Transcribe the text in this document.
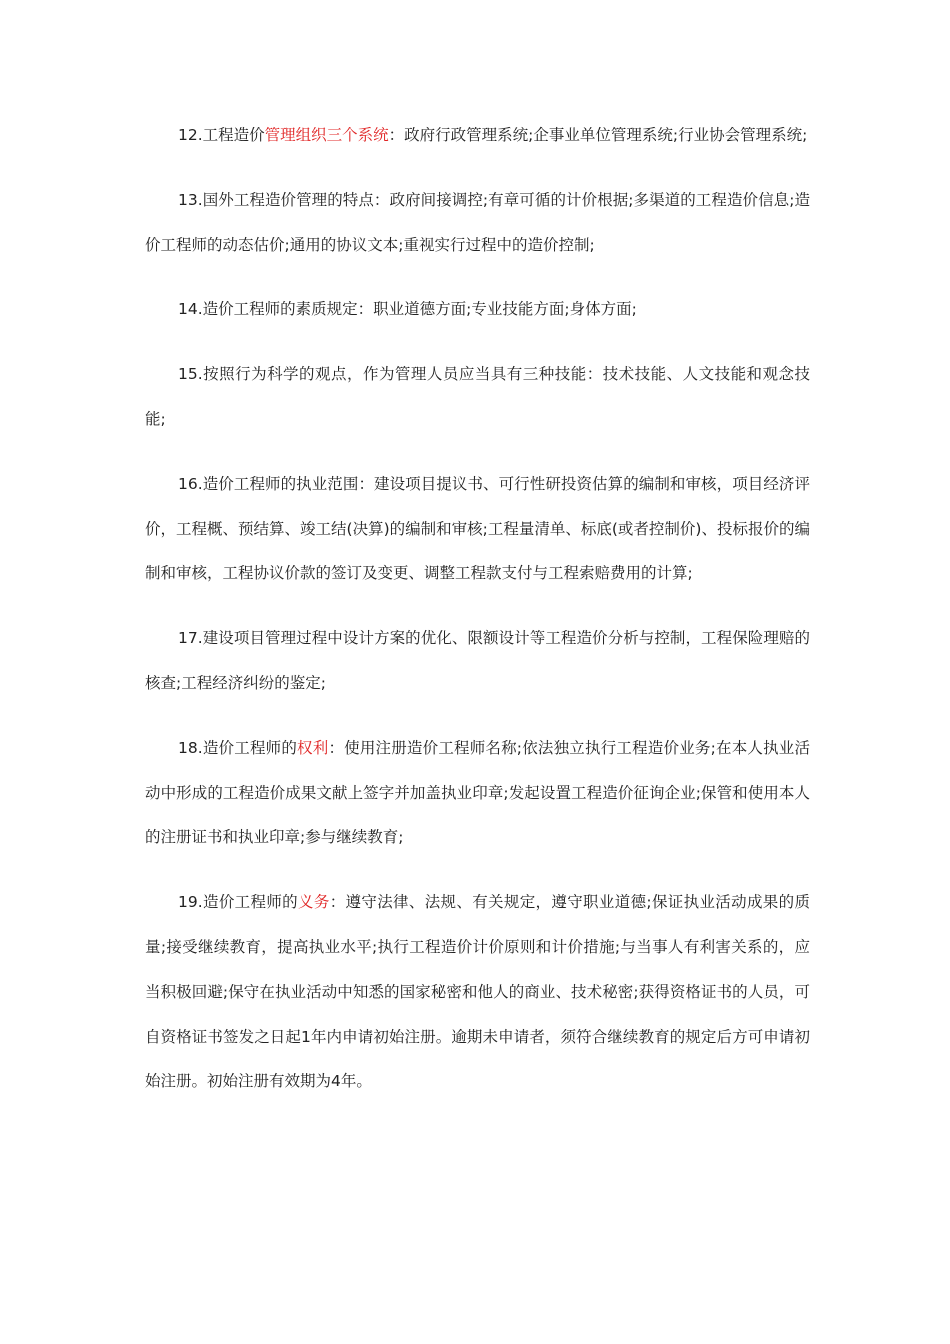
12.工程造价管理组织三个系统：政府行政管理系统;企事业单位管理系统;行业协会管理系统;

13.国外工程造价管理的特点：政府间接调控;有章可循的计价根据;多渠道的工程造价信息;造价工程师的动态估价;通用的协议文本;重视实行过程中的造价控制;

14.造价工程师的素质规定：职业道德方面;专业技能方面;身体方面;

15.按照行为科学的观点，作为管理人员应当具有三种技能：技术技能、人文技能和观念技能;

16.造价工程师的执业范围：建设项目提议书、可行性研投资估算的编制和审核，项目经济评价，工程概、预结算、竣工结(决算)的编制和审核;工程量清单、标底(或者控制价)、投标报价的编制和审核，工程协议价款的签订及变更、调整工程款支付与工程索赔费用的计算;

17.建设项目管理过程中设计方案的优化、限额设计等工程造价分析与控制，工程保险理赔的核查;工程经济纠纷的鉴定;

18.造价工程师的权利：使用注册造价工程师名称;依法独立执行工程造价业务;在本人执业活动中形成的工程造价成果文献上签字并加盖执业印章;发起设置工程造价征询企业;保管和使用本人的注册证书和执业印章;参与继续教育;

19.造价工程师的义务：遵守法律、法规、有关规定，遵守职业道德;保证执业活动成果的质量;接受继续教育，提高执业水平;执行工程造价计价原则和计价措施;与当事人有利害关系的，应当积极回避;保守在执业活动中知悉的国家秘密和他人的商业、技术秘密;获得资格证书的人员，可自资格证书签发之日起1年内申请初始注册。逾期未申请者，须符合继续教育的规定后方可申请初始注册。初始注册有效期为4年。
